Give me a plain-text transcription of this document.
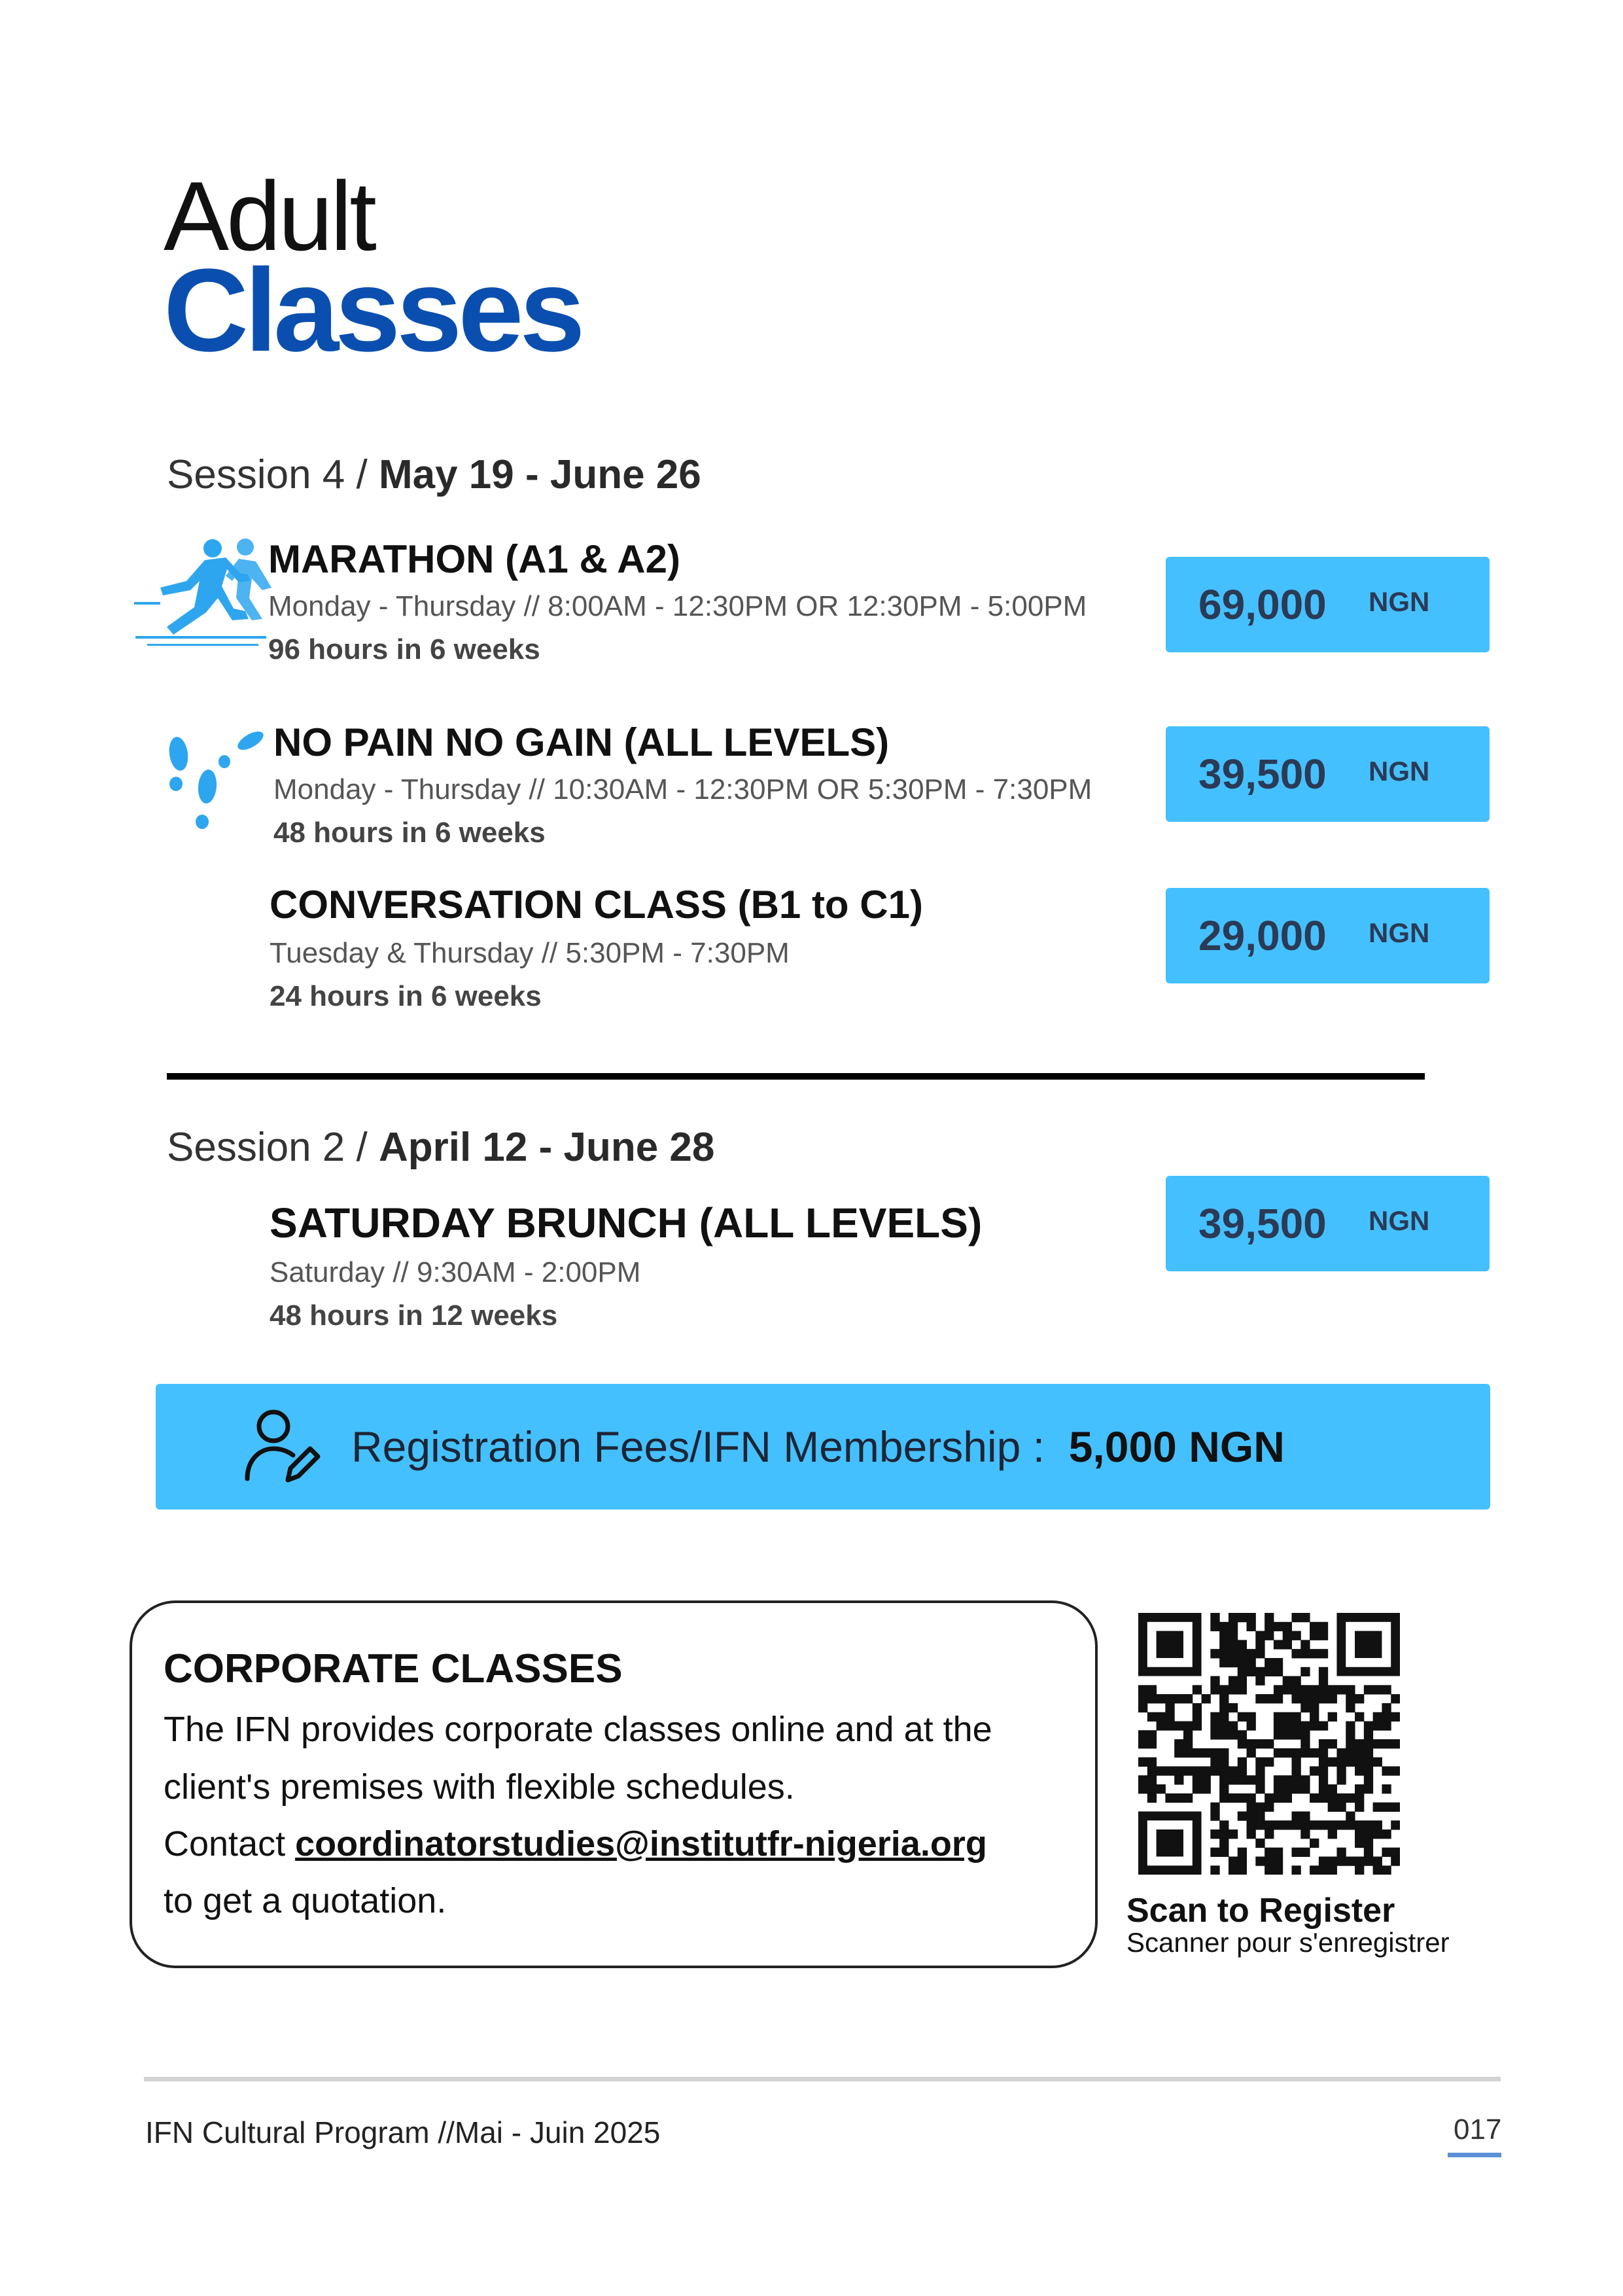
Adult
Classes
Session 4 / May 19 - June 26
MARATHON (A1 & A2)
Monday - Thursday // 8:00AM - 12:30PM OR 12:30PM - 5:00PM
96 hours in 6 weeks
69,000 NGN
NO PAIN NO GAIN (ALL LEVELS)
Monday - Thursday // 10:30AM - 12:30PM OR 5:30PM - 7:30PM
48 hours in 6 weeks
39,500 NGN
CONVERSATION CLASS (B1 to C1)
Tuesday & Thursday // 5:30PM - 7:30PM
24 hours in 6 weeks
29,000 NGN
Session 2 / April 12 - June 28
SATURDAY BRUNCH (ALL LEVELS)
Saturday // 9:30AM - 2:00PM
48 hours in 12 weeks
39,500 NGN
Registration Fees/IFN Membership : 5,000 NGN
CORPORATE CLASSES
The IFN provides corporate classes online and at the
client's premises with flexible schedules.
Contact coordinatorstudies@institutfr-nigeria.org
to get a quotation.	Scan to Register
Scanner pour s'enregistrer
IFN Cultural Program //Mai - Juin 2025	017
